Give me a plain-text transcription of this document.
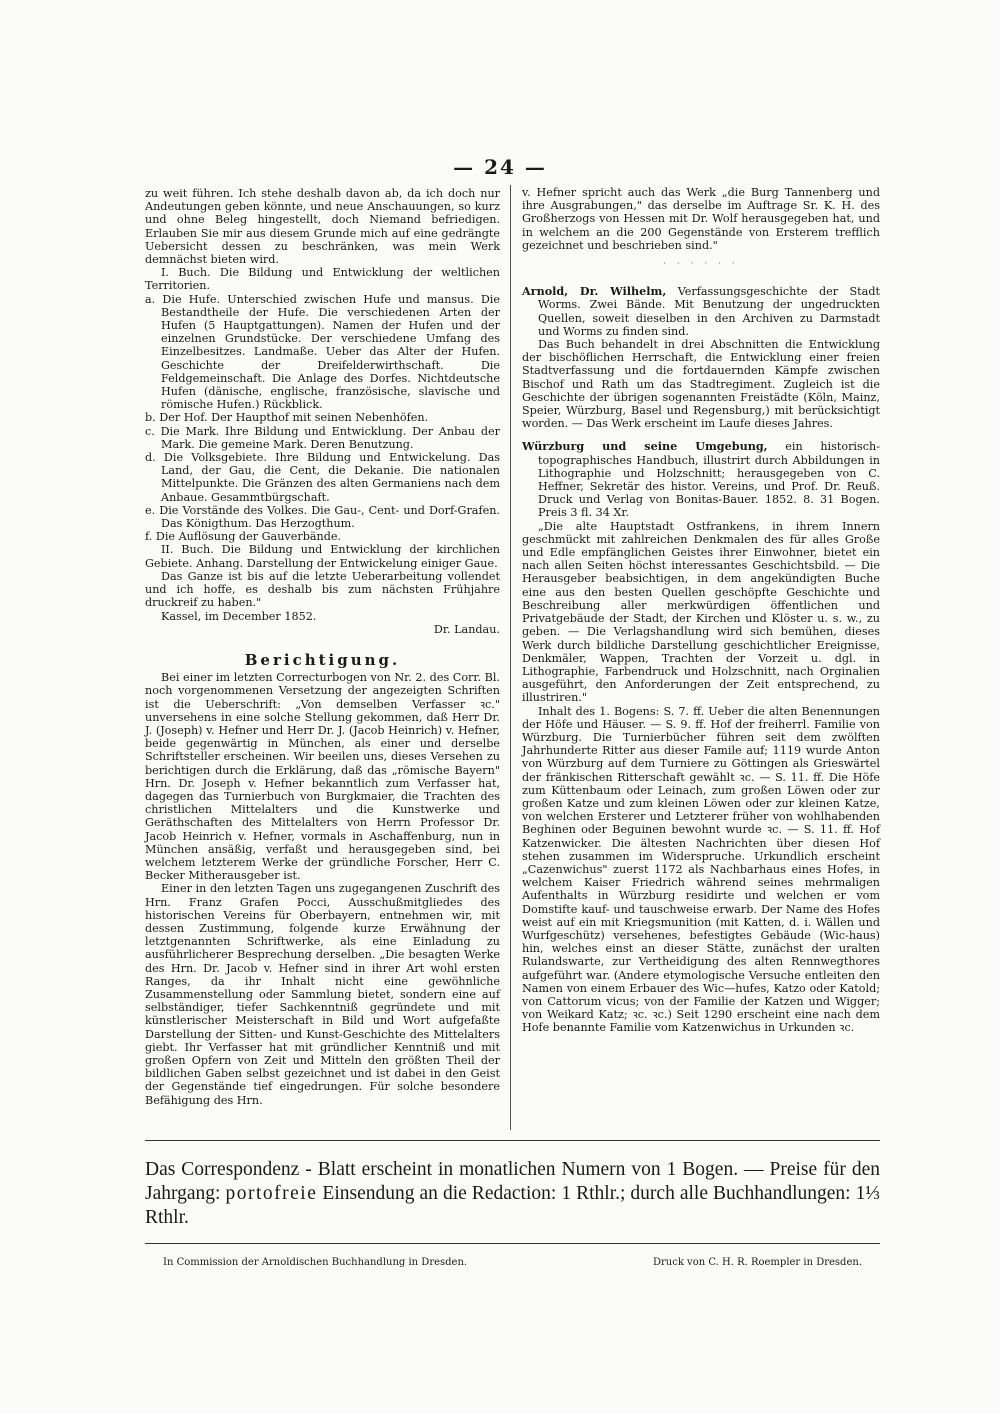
— 24 —

zu weit führen. Ich stehe deshalb davon ab, da ich doch nur Andeutungen geben könnte, und neue Anschauungen, so kurz und ohne Beleg hingestellt, doch Niemand befriedigen. Erlauben Sie mir aus diesem Grunde mich auf eine gedrängte Uebersicht dessen zu beschränken, was mein Werk demnächst bieten wird.

I. Buch. Die Bildung und Entwicklung der weltlichen Territorien.

a. Die Hufe. Unterschied zwischen Hufe und mansus. Die Bestandtheile der Hufe. Die verschiedenen Arten der Hufen (5 Hauptgattungen). Namen der Hufen und der einzelnen Grundstücke. Der verschiedene Umfang des Einzelbesitzes. Landmaße. Ueber das Alter der Hufen. Geschichte der Dreifelderwirthschaft. Die Feldgemeinschaft. Die Anlage des Dorfes. Nichtdeutsche Hufen (dänische, englische, französische, slavische und römische Hufen.) Rückblick.

b. Der Hof. Der Haupthof mit seinen Nebenhöfen.

c. Die Mark. Ihre Bildung und Entwicklung. Der Anbau der Mark. Die gemeine Mark. Deren Benutzung.

d. Die Volksgebiete. Ihre Bildung und Entwickelung. Das Land, der Gau, die Cent, die Dekanie. Die nationalen Mittelpunkte. Die Gränzen des alten Germaniens nach dem Anbaue. Gesammtbürgschaft.

e. Die Vorstände des Volkes. Die Gau-, Cent- und Dorf-Grafen. Das Königthum. Das Herzogthum.

f. Die Auflösung der Gauverbände.

II. Buch. Die Bildung und Entwicklung der kirchlichen Gebiete. Anhang. Darstellung der Entwickelung einiger Gaue.

Das Ganze ist bis auf die letzte Ueberarbeitung vollendet und ich hoffe, es deshalb bis zum nächsten Frühjahre druckreif zu haben."

Kassel, im December 1852.

Dr. Landau.

Berichtigung.

Bei einer im letzten Correcturbogen von Nr. 2. des Corr. Bl. noch vorgenommenen Versetzung der angezeigten Schriften ist die Ueberschrift: „Von demselben Verfasser ꝛc." unversehens in eine solche Stellung gekommen, daß Herr Dr. J. (Joseph) v. Hefner und Herr Dr. J. (Jacob Heinrich) v. Hefner, beide gegenwärtig in München, als einer und derselbe Schriftsteller erscheinen. Wir beeilen uns, dieses Versehen zu berichtigen durch die Erklärung, daß das „römische Bayern" Hrn. Dr. Joseph v. Hefner bekanntlich zum Verfasser hat, dagegen das Turnierbuch von Burgkmaier, die Trachten des christlichen Mittelalters und die Kunstwerke und Geräthschaften des Mittelalters von Herrn Professor Dr. Jacob Heinrich v. Hefner, vormals in Aschaffenburg, nun in München ansäßig, verfaßt und herausgegeben sind, bei welchem letzterem Werke der gründliche Forscher, Herr C. Becker Mitherausgeber ist.

Einer in den letzten Tagen uns zugegangenen Zuschrift des Hrn. Franz Grafen Pocci, Ausschußmitgliedes des historischen Vereins für Oberbayern, entnehmen wir, mit dessen Zustimmung, folgende kurze Erwähnung der letztgenannten Schriftwerke, als eine Einladung zu ausführlicherer Besprechung derselben. „Die besagten Werke des Hrn. Dr. Jacob v. Hefner sind in ihrer Art wohl ersten Ranges, da ihr Inhalt nicht eine gewöhnliche Zusammenstellung oder Sammlung bietet, sondern eine auf selbständiger, tiefer Sachkenntniß gegründete und mit künstlerischer Meisterschaft in Bild und Wort aufgefaßte Darstellung der Sitten- und Kunst-Geschichte des Mittelalters giebt. Ihr Verfasser hat mit gründlicher Kenntniß und mit großen Opfern von Zeit und Mitteln den größten Theil der bildlichen Gaben selbst gezeichnet und ist dabei in den Geist der Gegenstände tief eingedrungen. Für solche besondere Befähigung des Hrn.

v. Hefner spricht auch das Werk „die Burg Tannenberg und ihre Ausgrabungen," das derselbe im Auftrage Sr. K. H. des Großherzogs von Hessen mit Dr. Wolf herausgegeben hat, und in welchem an die 200 Gegenstände von Ersterem trefflich gezeichnet und beschrieben sind."

· · · · · ·

Arnold, Dr. Wilhelm, Verfassungsgeschichte der Stadt Worms. Zwei Bände. Mit Benutzung der ungedruckten Quellen, soweit dieselben in den Archiven zu Darmstadt und Worms zu finden sind.

Das Buch behandelt in drei Abschnitten die Entwicklung der bischöflichen Herrschaft, die Entwicklung einer freien Stadtverfassung und die fortdauernden Kämpfe zwischen Bischof und Rath um das Stadtregiment. Zugleich ist die Geschichte der übrigen sogenannten Freistädte (Köln, Mainz, Speier, Würzburg, Basel und Regensburg,) mit berücksichtigt worden. — Das Werk erscheint im Laufe dieses Jahres.

Würzburg und seine Umgebung, ein historisch-topographisches Handbuch, illustrirt durch Abbildungen in Lithographie und Holzschnitt; herausgegeben von C. Heffner, Sekretär des histor. Vereins, und Prof. Dr. Reuß. Druck und Verlag von Bonitas-Bauer. 1852. 8. 31 Bogen. Preis 3 fl. 34 Xr.

„Die alte Hauptstadt Ostfrankens, in ihrem Innern geschmückt mit zahlreichen Denkmalen des für alles Große und Edle empfänglichen Geistes ihrer Einwohner, bietet ein nach allen Seiten höchst interessantes Geschichtsbild. — Die Herausgeber beabsichtigen, in dem angekündigten Buche eine aus den besten Quellen geschöpfte Geschichte und Beschreibung aller merkwürdigen öffentlichen und Privatgebäude der Stadt, der Kirchen und Klöster u. s. w., zu geben. — Die Verlagshandlung wird sich bemühen, dieses Werk durch bildliche Darstellung geschichtlicher Ereignisse, Denkmäler, Wappen, Trachten der Vorzeit u. dgl. in Lithographie, Farbendruck und Holzschnitt, nach Orginalien ausgeführt, den Anforderungen der Zeit entsprechend, zu illustriren."

Inhalt des 1. Bogens: S. 7. ff. Ueber die alten Benennungen der Höfe und Häuser. — S. 9. ff. Hof der freiherrl. Familie von Würzburg. Die Turnierbücher führen seit dem zwölften Jahrhunderte Ritter aus dieser Famile auf; 1119 wurde Anton von Würzburg auf dem Turniere zu Göttingen als Grieswärtel der fränkischen Ritterschaft gewählt ꝛc. — S. 11. ff. Die Höfe zum Küttenbaum oder Leinach, zum großen Löwen oder zur großen Katze und zum kleinen Löwen oder zur kleinen Katze, von welchen Ersterer und Letzterer früher von wohlhabenden Beghinen oder Beguinen bewohnt wurde ꝛc. — S. 11. ff. Hof Katzenwicker. Die ältesten Nachrichten über diesen Hof stehen zusammen im Widerspruche. Urkundlich erscheint „Cazenwichus" zuerst 1172 als Nachbarhaus eines Hofes, in welchem Kaiser Friedrich während seines mehrmaligen Aufenthalts in Würzburg residirte und welchen er vom Domstifte kauf- und tauschweise erwarb. Der Name des Hofes weist auf ein mit Kriegsmunition (mit Katten, d. i. Wällen und Wurfgeschütz) versehenes, befestigtes Gebäude (Wic-haus) hin, welches einst an dieser Stätte, zunächst der uralten Rulandswarte, zur Vertheidigung des alten Rennwegthores aufgeführt war. (Andere etymologische Versuche entleiten den Namen von einem Erbauer des Wic—hufes, Katzo oder Katold; von Cattorum vicus; von der Familie der Katzen und Wigger; von Weikard Katz; ꝛc. ꝛc.) Seit 1290 erscheint eine nach dem Hofe benannte Familie vom Katzenwichus in Urkunden ꝛc.

Das Correspondenz - Blatt erscheint in monatlichen Numern von 1 Bogen. — Preise für den Jahrgang: portofreie Einsendung an die Redaction: 1 Rthlr.; durch alle Buchhandlungen: 1⅓ Rthlr.
In Commission der Arnoldischen Buchhandlung in Dresden.	Druck von C. H. R. Roempler in Dresden.
